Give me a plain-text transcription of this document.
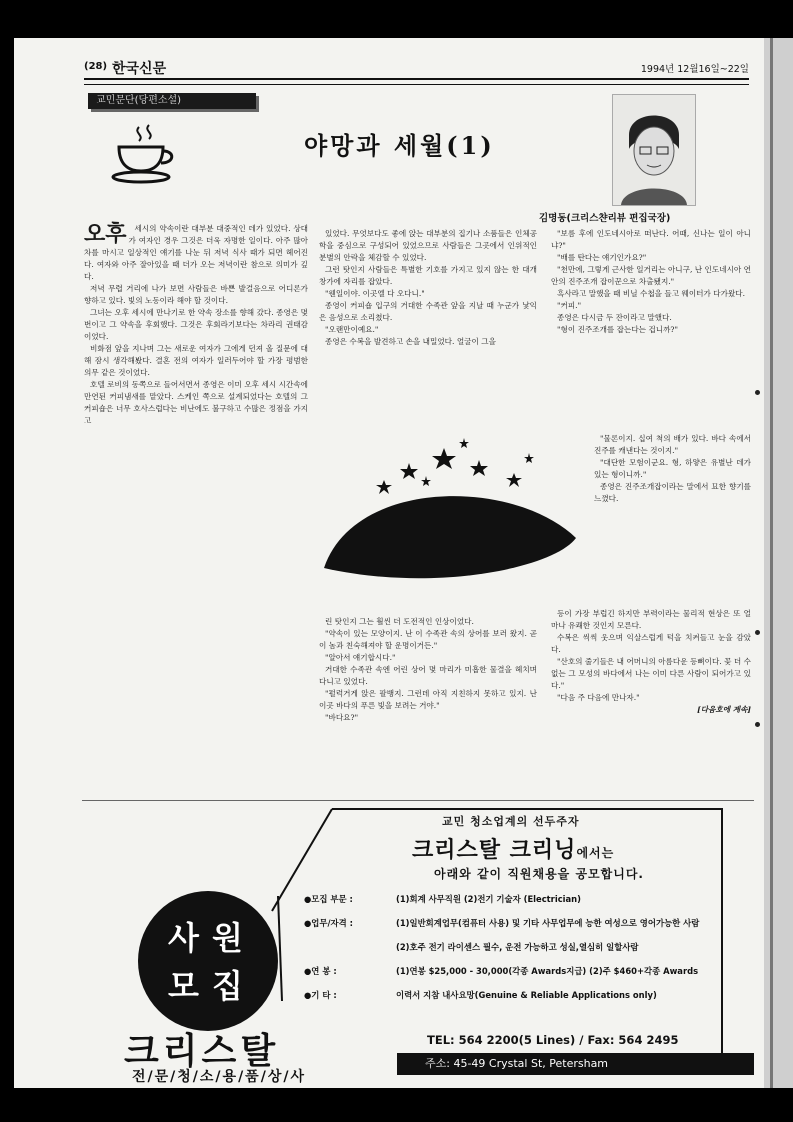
(28) 한국신문	1994년 12월16일~22일
교민문단(당편소설)
야망과 세월(1)
김명동(크리스챤리뷰 편집국장)
오후	세시의 약속이란 대부분 대중적인 데가 있었다. 상대가 여자인 경우 그것은 더욱 자명한 일이다. 아주 많아 차를 마시고 일상적인 얘기를 나눈 뒤 저녁 식사 때가 되면 헤어진다. 여자와 아주 잘아있을 때 더가 오는 저녁이란 참으로 의미가 깊다.

저녁 무렵 거리에 나가 보면 사람들은 바쁜 발걸음으로 어디론가 향하고 있다. 빛의 노동이라 해야 할 것이다.

그녀는 오후 세시에 만나기로 한 약속 장소를 향해 갔다. 종영은 몇 번이고 그 약속을 후회했다. 그것은 후회라기보다는 차라리 권태감이었다.

비화점 앞을 지나며 그는 새로운 여자가 그에게 던져 올 질문에 대해 잠시 생각해봤다. 결혼 전의 여자가 일러두어야 할 가장 평범한 의무 같은 것이었다.

호텔 로비의 동쪽으로 들어서면서 종영은 이미 오후 세시 시간속에 만연된 커피냄새를 맡았다. 스케인 쪽으로 설계되었다는 호텔의 그 커피숍은 너무 호사스럽다는 비난에도 불구하고 수많은 정점을 가지고

있었다. 무엇보다도 좋에 앉는 대부분의 집기나 소품들은 인체공학을 중심으로 구성되어 있었으므로 사람들은 그곳에서 인위적인 분별의 안락을 체감할 수 있었다.

그런 탓인지 사람들은 특별한 기호를 가지고 있지 않는 한 대개 창가에 자리를 잡았다.

"웬일이야. 이곳엘 다 오다니."

종영이 커피숍 입구의 거대한 수족관 앞을 지날 때 누군가 낯익은 음성으로 소리쳤다.

"오랜만이예요."

종영은 수복을 발견하고 손을 내밀었다. 얼굴이 그을

린 탓인지 그는 훨씬 더 도전적인 인상이었다.

"약속이 있는 모양이지. 난 이 수족관 속의 상어를 보러 왔지. 곧 이 놈과 친숙해져야 할 운명이거든."

"알아서 얘기합시다."

거대한 수족관 속엔 어린 상어 몇 마리가 미흡한 물결을 헤치며 다니고 있었다.

"펄럭거게 앉은 팔뱅지. 그런데 아직 지친하지 못하고 있지. 난 이곳 바다의 푸른 빛을 보려는 거야."

"바다요?"

"보름 후에 인도네시아로 떠난다. 어때, 신나는 일이 아니냐?"

"배를 탄다는 얘기인가요?"

"천만에, 그렇게 근사한 일거리는 아니구, 난 인도네시아 연안의 진주조개 잡이꾼으로 차출됐지."

흑사라고 말했을 때 비닐 수첩을 들고 웨이터가 다가왔다.

"커피."

종영은 다시금 두 잔이라고 말했다.

"형이 진주조개를 잡는다는 겁니까?"

"물론이지. 십여 척의 배가 있다. 바다 속에서 진주를 캐낸다는 것이지."

"대단한 모험이군요. 형, 하얗은 유별난 데가 있는 형이니까."

종영은 진주조개잡이라는 말에서 묘한 향기를 느꼈다.

등이 가장 부럽긴 하지만 부력이라는 물리적 현상은 또 얼마나 유쾌한 것인지 모른다.

수복은 씩씩 웃으며 익살스럽게 턱을 치켜들고 눈을 감았다.

"산호의 줄기들은 내 어머니의 아름다운 등뼈이다. 꽃 더 수 없는 그 모성의 바다에서 나는 이미 다른 사람이 되어가고 있다."

"다음 주 다음에 만나자."

[다음호에 계속]

교민 청소업계의 선두주자
크리스탈 크리닝에서는
아래와 같이 직원채용을 공모합니다.
사 원
모 집
●모집 부문 :	(1)회계 사무직원 (2)전기 기술자 (Electrician)
●업무/자격 :	(1)일반회계업무(컴퓨터 사용) 및 기타 사무업무에 능한 여성으로 영어가능한 사람
(2)호주 전기 라이센스 필수, 운전 가능하고 성실,열심히 일할사람
●연 봉 :	(1)연봉 $25,000 - 30,000(각종 Awards지급) (2)주 $460+각종 Awards
●기 타 :	이력서 지참 내사요망(Genuine & Reliable Applications only)
크리스탈
전/문/청/소/용/품/상/사
TEL: 564 2200(5 Lines) / Fax: 564 2495
주소: 45-49 Crystal St, Petersham
